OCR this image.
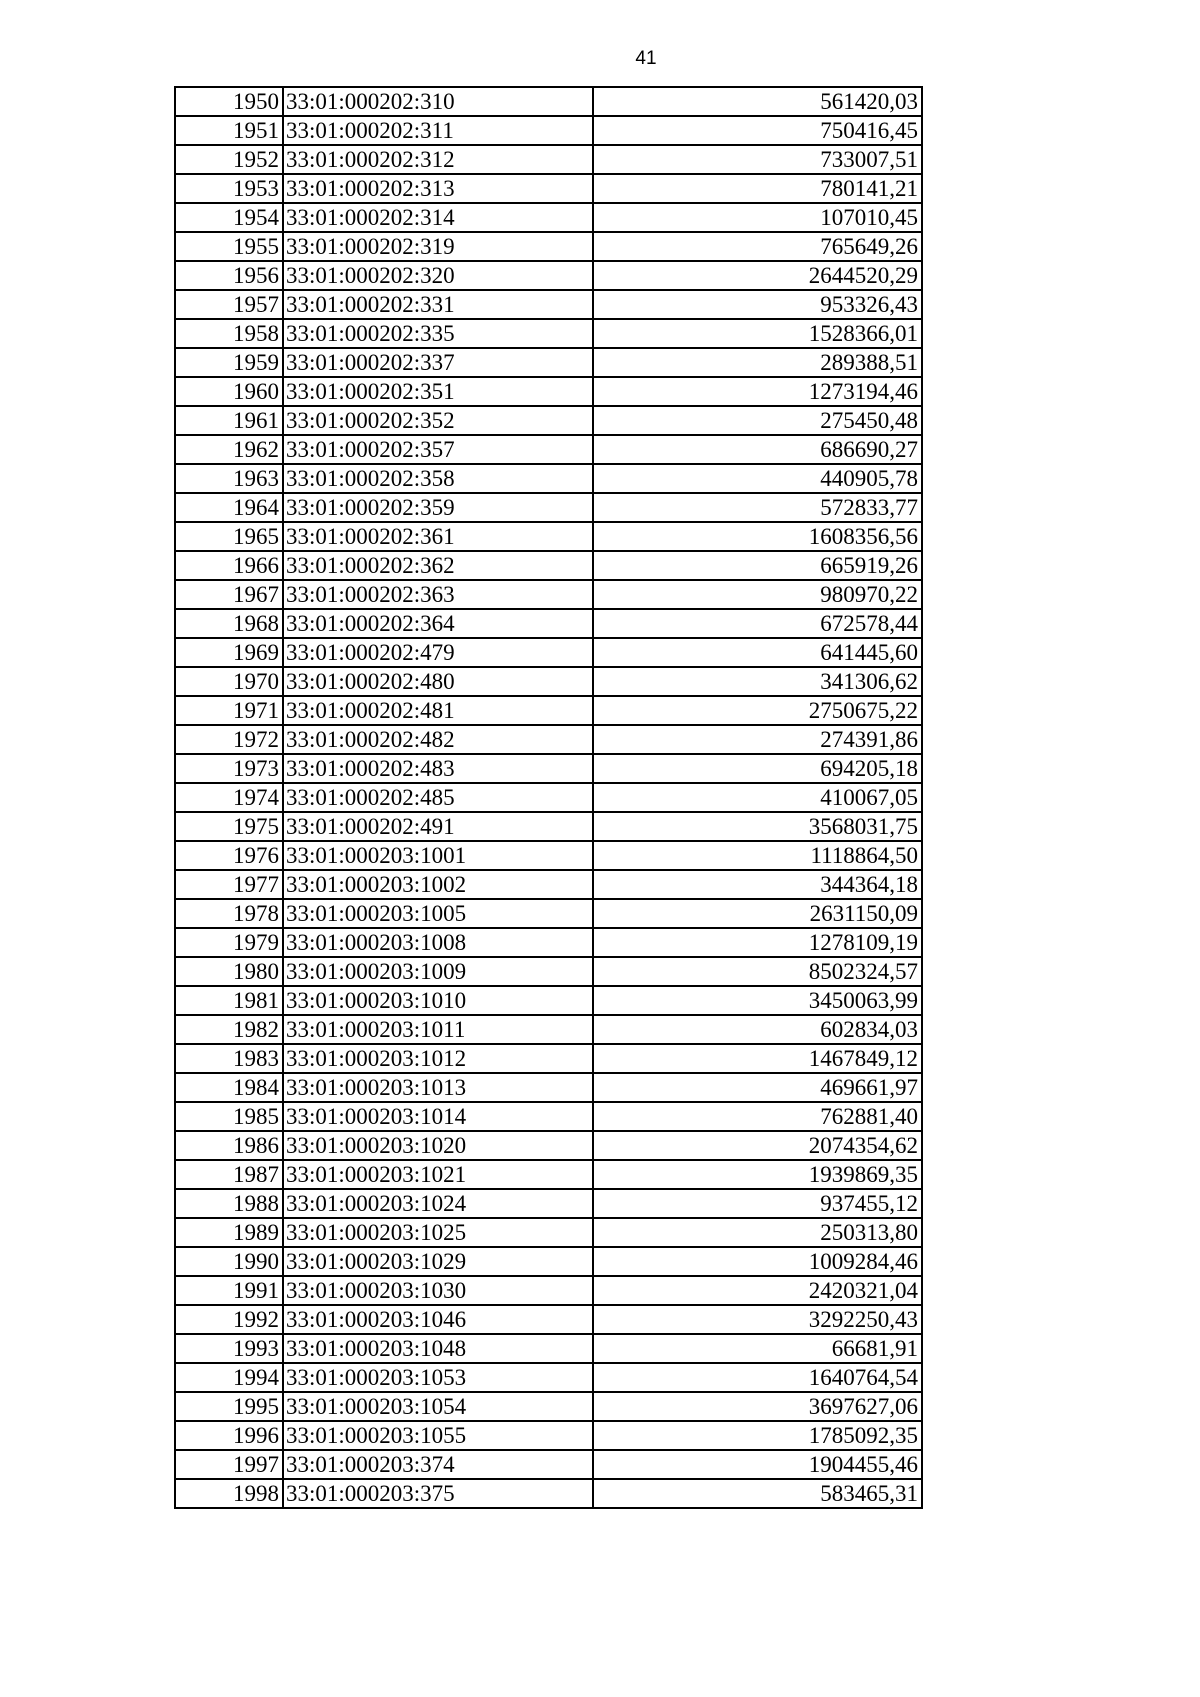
41
1950	33:01:000202:310	561420,03
1951	33:01:000202:311	750416,45
1952	33:01:000202:312	733007,51
1953	33:01:000202:313	780141,21
1954	33:01:000202:314	107010,45
1955	33:01:000202:319	765649,26
1956	33:01:000202:320	2644520,29
1957	33:01:000202:331	953326,43
1958	33:01:000202:335	1528366,01
1959	33:01:000202:337	289388,51
1960	33:01:000202:351	1273194,46
1961	33:01:000202:352	275450,48
1962	33:01:000202:357	686690,27
1963	33:01:000202:358	440905,78
1964	33:01:000202:359	572833,77
1965	33:01:000202:361	1608356,56
1966	33:01:000202:362	665919,26
1967	33:01:000202:363	980970,22
1968	33:01:000202:364	672578,44
1969	33:01:000202:479	641445,60
1970	33:01:000202:480	341306,62
1971	33:01:000202:481	2750675,22
1972	33:01:000202:482	274391,86
1973	33:01:000202:483	694205,18
1974	33:01:000202:485	410067,05
1975	33:01:000202:491	3568031,75
1976	33:01:000203:1001	1118864,50
1977	33:01:000203:1002	344364,18
1978	33:01:000203:1005	2631150,09
1979	33:01:000203:1008	1278109,19
1980	33:01:000203:1009	8502324,57
1981	33:01:000203:1010	3450063,99
1982	33:01:000203:1011	602834,03
1983	33:01:000203:1012	1467849,12
1984	33:01:000203:1013	469661,97
1985	33:01:000203:1014	762881,40
1986	33:01:000203:1020	2074354,62
1987	33:01:000203:1021	1939869,35
1988	33:01:000203:1024	937455,12
1989	33:01:000203:1025	250313,80
1990	33:01:000203:1029	1009284,46
1991	33:01:000203:1030	2420321,04
1992	33:01:000203:1046	3292250,43
1993	33:01:000203:1048	66681,91
1994	33:01:000203:1053	1640764,54
1995	33:01:000203:1054	3697627,06
1996	33:01:000203:1055	1785092,35
1997	33:01:000203:374	1904455,46
1998	33:01:000203:375	583465,31
